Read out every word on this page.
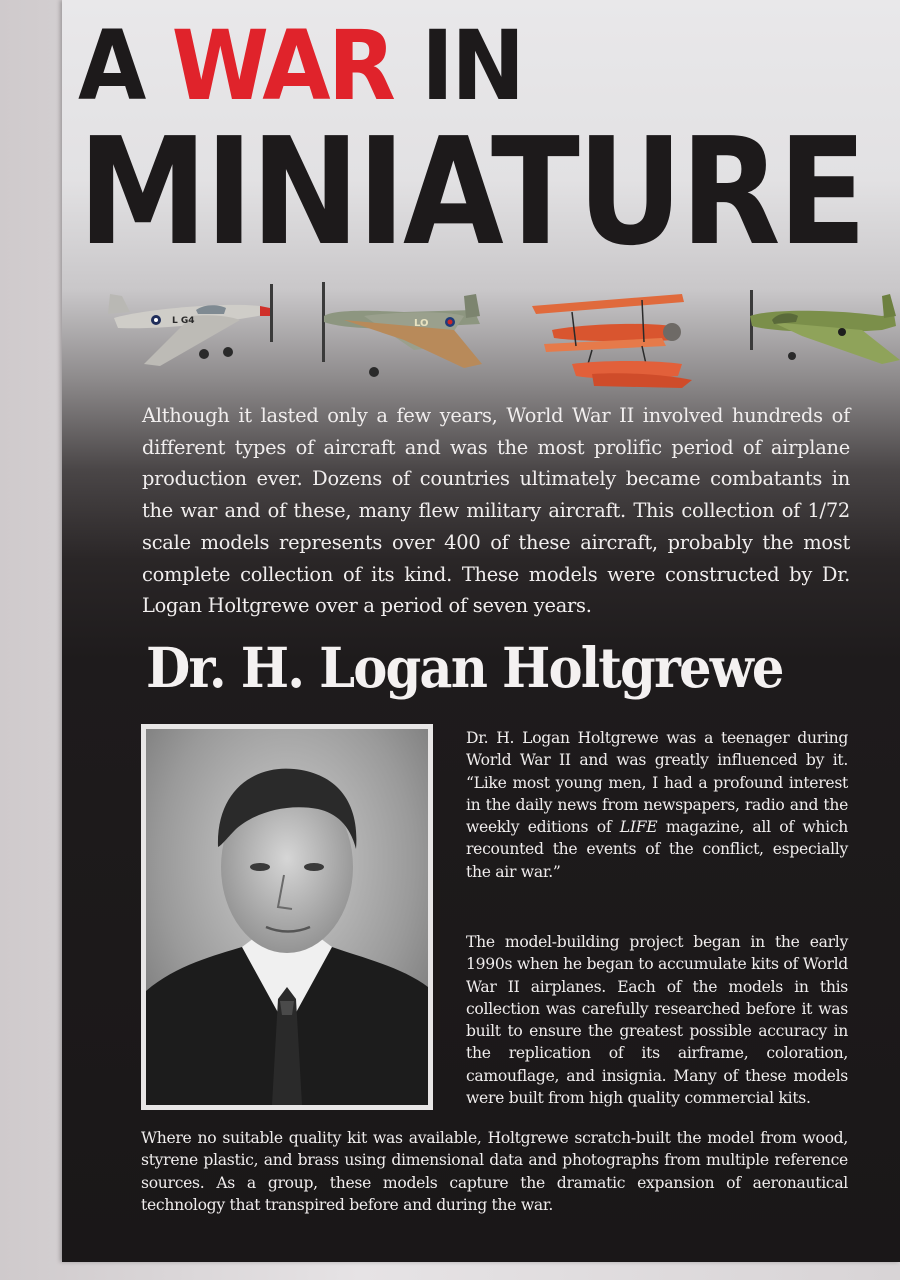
A WAR IN
MINIATURE
L G4	LO

Although it lasted only a few years, World War II involved hundreds of different types of aircraft and was the most prolific period of airplane production ever. Dozens of countries ultimately became combatants in the war and of these, many flew military aircraft. This collection of 1/72 scale models represents over 400 of these aircraft, probably the most complete collection of its kind. These models were constructed by Dr. Logan Holtgrewe over a period of seven years.

Dr. H. Logan Holtgrewe

Dr. H. Logan Holtgrewe was a teenager during World War II and was greatly influenced by it. “Like most young men, I had a profound interest in the daily news from newspapers, radio and the weekly editions of LIFE magazine, all of which recounted the events of the conflict, especially the air war.”

The model-building project began in the early 1990s when he began to accumulate kits of World War II airplanes. Each of the models in this collection was carefully researched before it was built to ensure the greatest possible accuracy in the replication of its airframe, coloration, camouflage, and insignia. Many of these models were built from high quality commercial kits.

Where no suitable quality kit was available, Holtgrewe scratch-built the model from wood, styrene plastic, and brass using dimensional data and photographs from multiple reference sources. As a group, these models capture the dramatic expansion of aeronautical technology that transpired before and during the war.
